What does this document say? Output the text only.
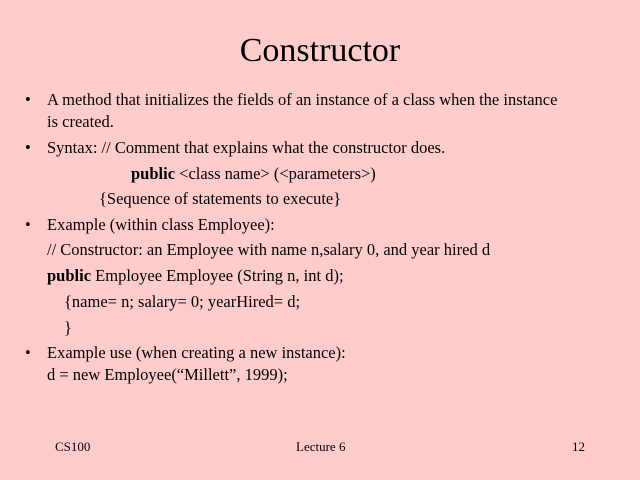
Constructor
• A method that initializes the fields of an instance of a class when the instance
is created.
• Syntax: // Comment that explains what the constructor does.
public <class name> (<parameters>)
{Sequence of statements to execute}
• Example (within class Employee):
// Constructor: an Employee with name n,salary 0, and year hired d
public Employee Employee (String n, int d);
{name= n; salary= 0; yearHired= d;
}
• Example use (when creating a new instance):
d = new Employee(“Millett”, 1999);
CS100	Lecture 6	12
